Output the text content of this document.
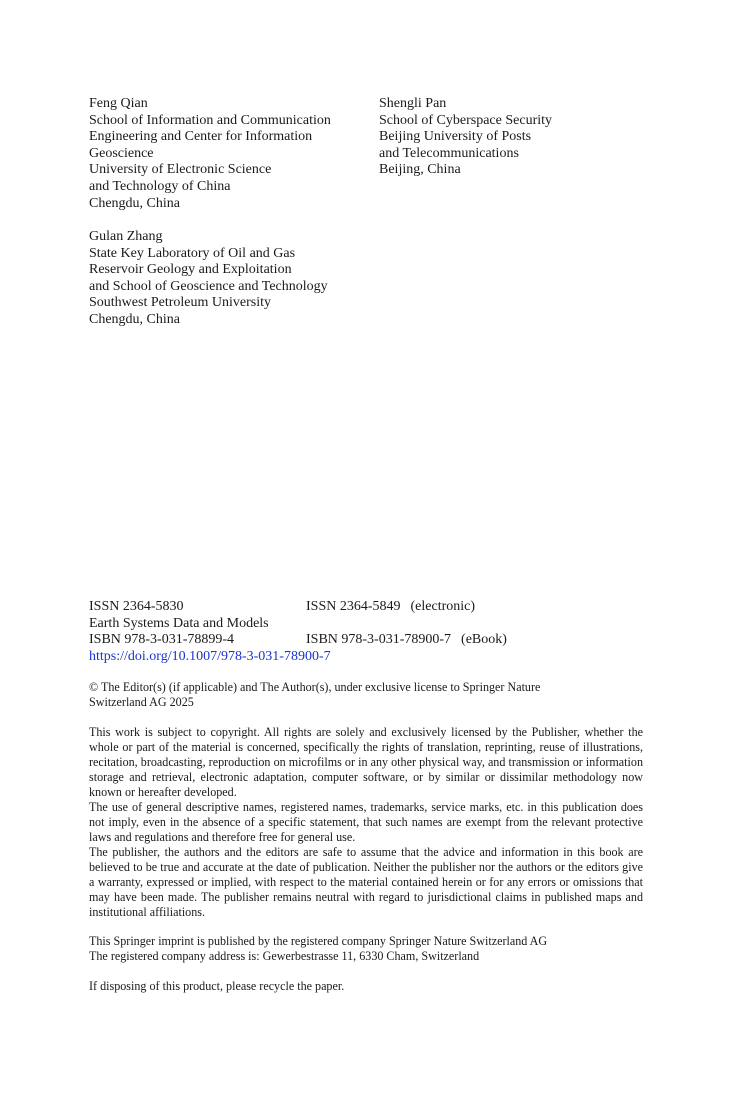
Feng Qian
School of Information and Communication
Engineering and Center for Information
Geoscience
University of Electronic Science
and Technology of China
Chengdu, China
Shengli Pan
School of Cyberspace Security
Beijing University of Posts
and Telecommunications
Beijing, China
Gulan Zhang
State Key Laboratory of Oil and Gas
Reservoir Geology and Exploitation
and School of Geoscience and Technology
Southwest Petroleum University
Chengdu, China
ISSN 2364-5830	ISSN 2364-5849 (electronic)
Earth Systems Data and Models
ISBN 978-3-031-78899-4	ISBN 978-3-031-78900-7 (eBook)
https://doi.org/10.1007/978-3-031-78900-7
© The Editor(s) (if applicable) and The Author(s), under exclusive license to Springer Nature
Switzerland AG 2025

This work is subject to copyright. All rights are solely and exclusively licensed by the Publisher, whether the whole or part of the material is concerned, specifically the rights of translation, reprinting, reuse of illustrations, recitation, broadcasting, reproduction on microfilms or in any other physical way, and transmission or information storage and retrieval, electronic adaptation, computer software, or by similar or dissimilar methodology now known or hereafter developed.

The use of general descriptive names, registered names, trademarks, service marks, etc. in this publication does not imply, even in the absence of a specific statement, that such names are exempt from the relevant protective laws and regulations and therefore free for general use.

The publisher, the authors and the editors are safe to assume that the advice and information in this book are believed to be true and accurate at the date of publication. Neither the publisher nor the authors or the editors give a warranty, expressed or implied, with respect to the material contained herein or for any errors or omissions that may have been made. The publisher remains neutral with regard to jurisdictional claims in published maps and institutional affiliations.

This Springer imprint is published by the registered company Springer Nature Switzerland AG
The registered company address is: Gewerbestrasse 11, 6330 Cham, Switzerland
If disposing of this product, please recycle the paper.
